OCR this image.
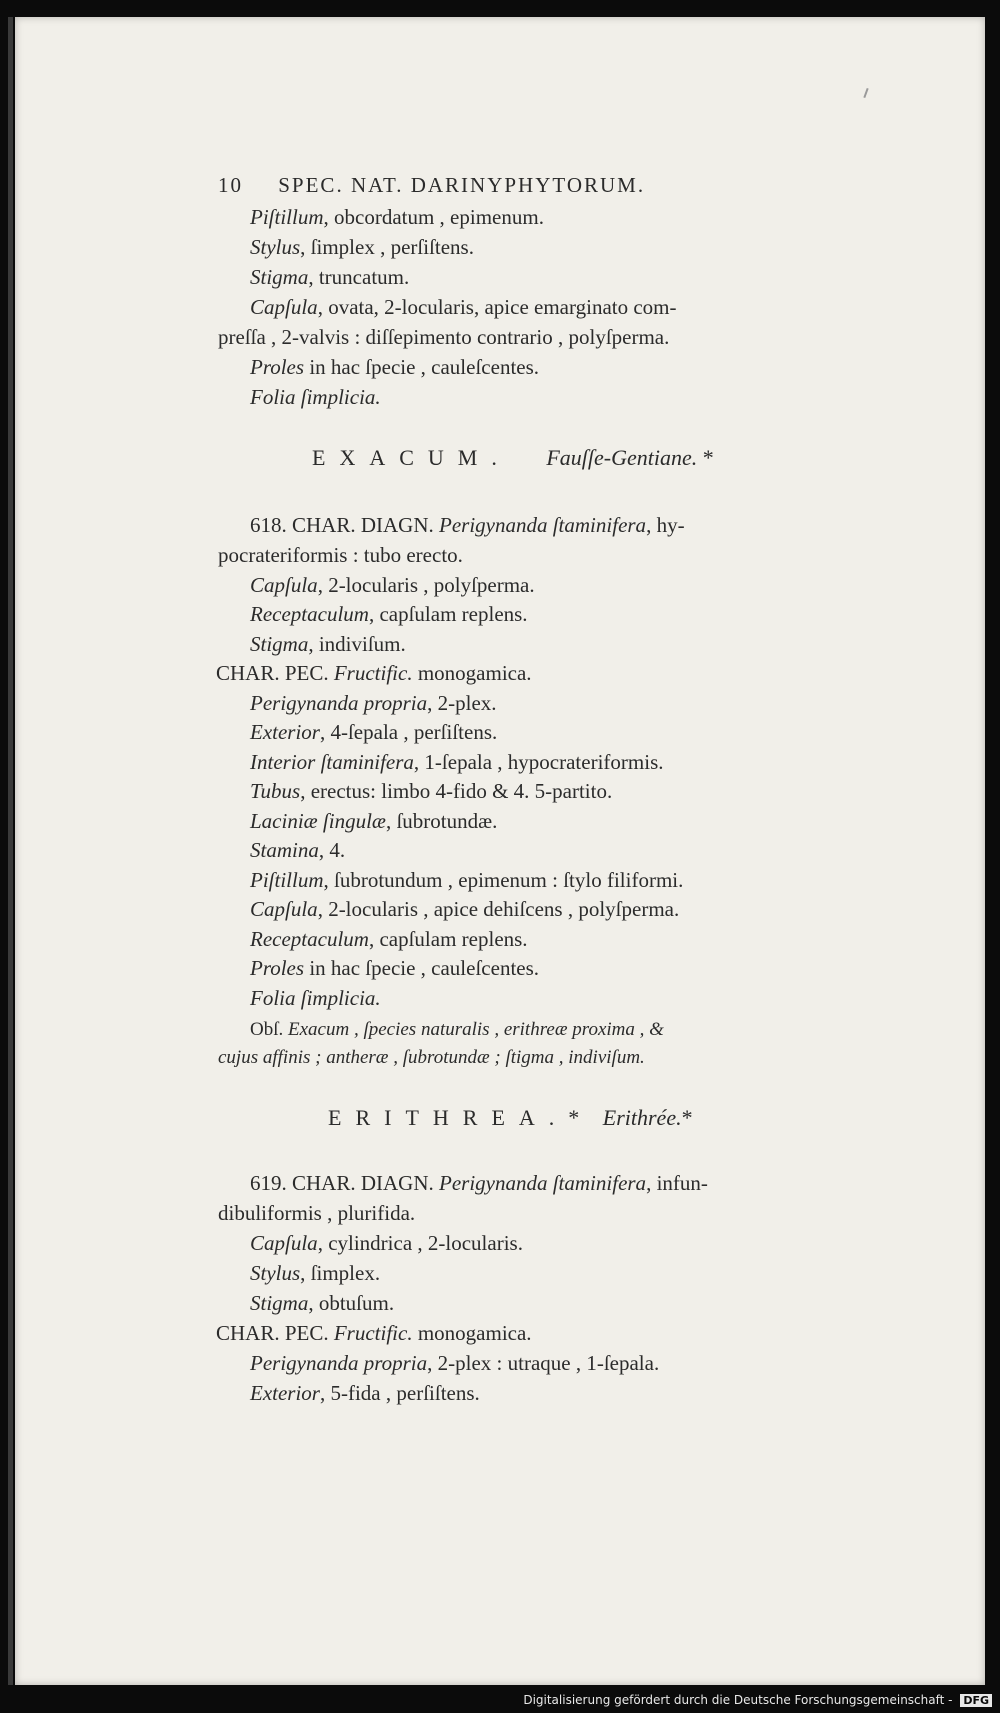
10 SPEC. NAT. DARINYPHYTORUM.
Piſtillum, obcordatum , epimenum.
Stylus, ſimplex , perſiſtens.
Stigma, truncatum.
Capſula, ovata, 2-locularis, apice emarginato com-
preſſa , 2-valvis : diſſepimento contrario , polyſperma.
Proles in hac ſpecie , cauleſcentes.
Folia ſimplicia.
EXACUM. Fauſſe-Gentiane. *
618. CHAR. DIAGN. Perigynanda ſtaminifera, hy-
pocrateriformis : tubo erecto.
Capſula, 2-locularis , polyſperma.
Receptaculum, capſulam replens.
Stigma, indiviſum.
CHAR. PEC. Fructific. monogamica.
Perigynanda propria, 2-plex.
Exterior, 4-ſepala , perſiſtens.
Interior ſtaminifera, 1-ſepala , hypocrateriformis.
Tubus, erectus: limbo 4-fido & 4. 5-partito.
Laciniæ ſingulæ, ſubrotundæ.
Stamina, 4.
Piſtillum, ſubrotundum , epimenum : ſtylo filiformi.
Capſula, 2-locularis , apice dehiſcens , polyſperma.
Receptaculum, capſulam replens.
Proles in hac ſpecie , cauleſcentes.
Folia ſimplicia.
Obſ. Exacum , ſpecies naturalis , erithreæ proxima , &
cujus affinis ; antheræ , ſubrotundæ ; ſtigma , indiviſum.
ERITHREA.* Erithrée.*
619. CHAR. DIAGN. Perigynanda ſtaminifera, infun-
dibuliformis , plurifida.
Capſula, cylindrica , 2-locularis.
Stylus, ſimplex.
Stigma, obtuſum.
CHAR. PEC. Fructific. monogamica.
Perigynanda propria, 2-plex : utraque , 1-ſepala.
Exterior, 5-fida , perſiſtens.
Digitalisierung gefördert durch die Deutsche Forschungsgemeinschaft - DFG
